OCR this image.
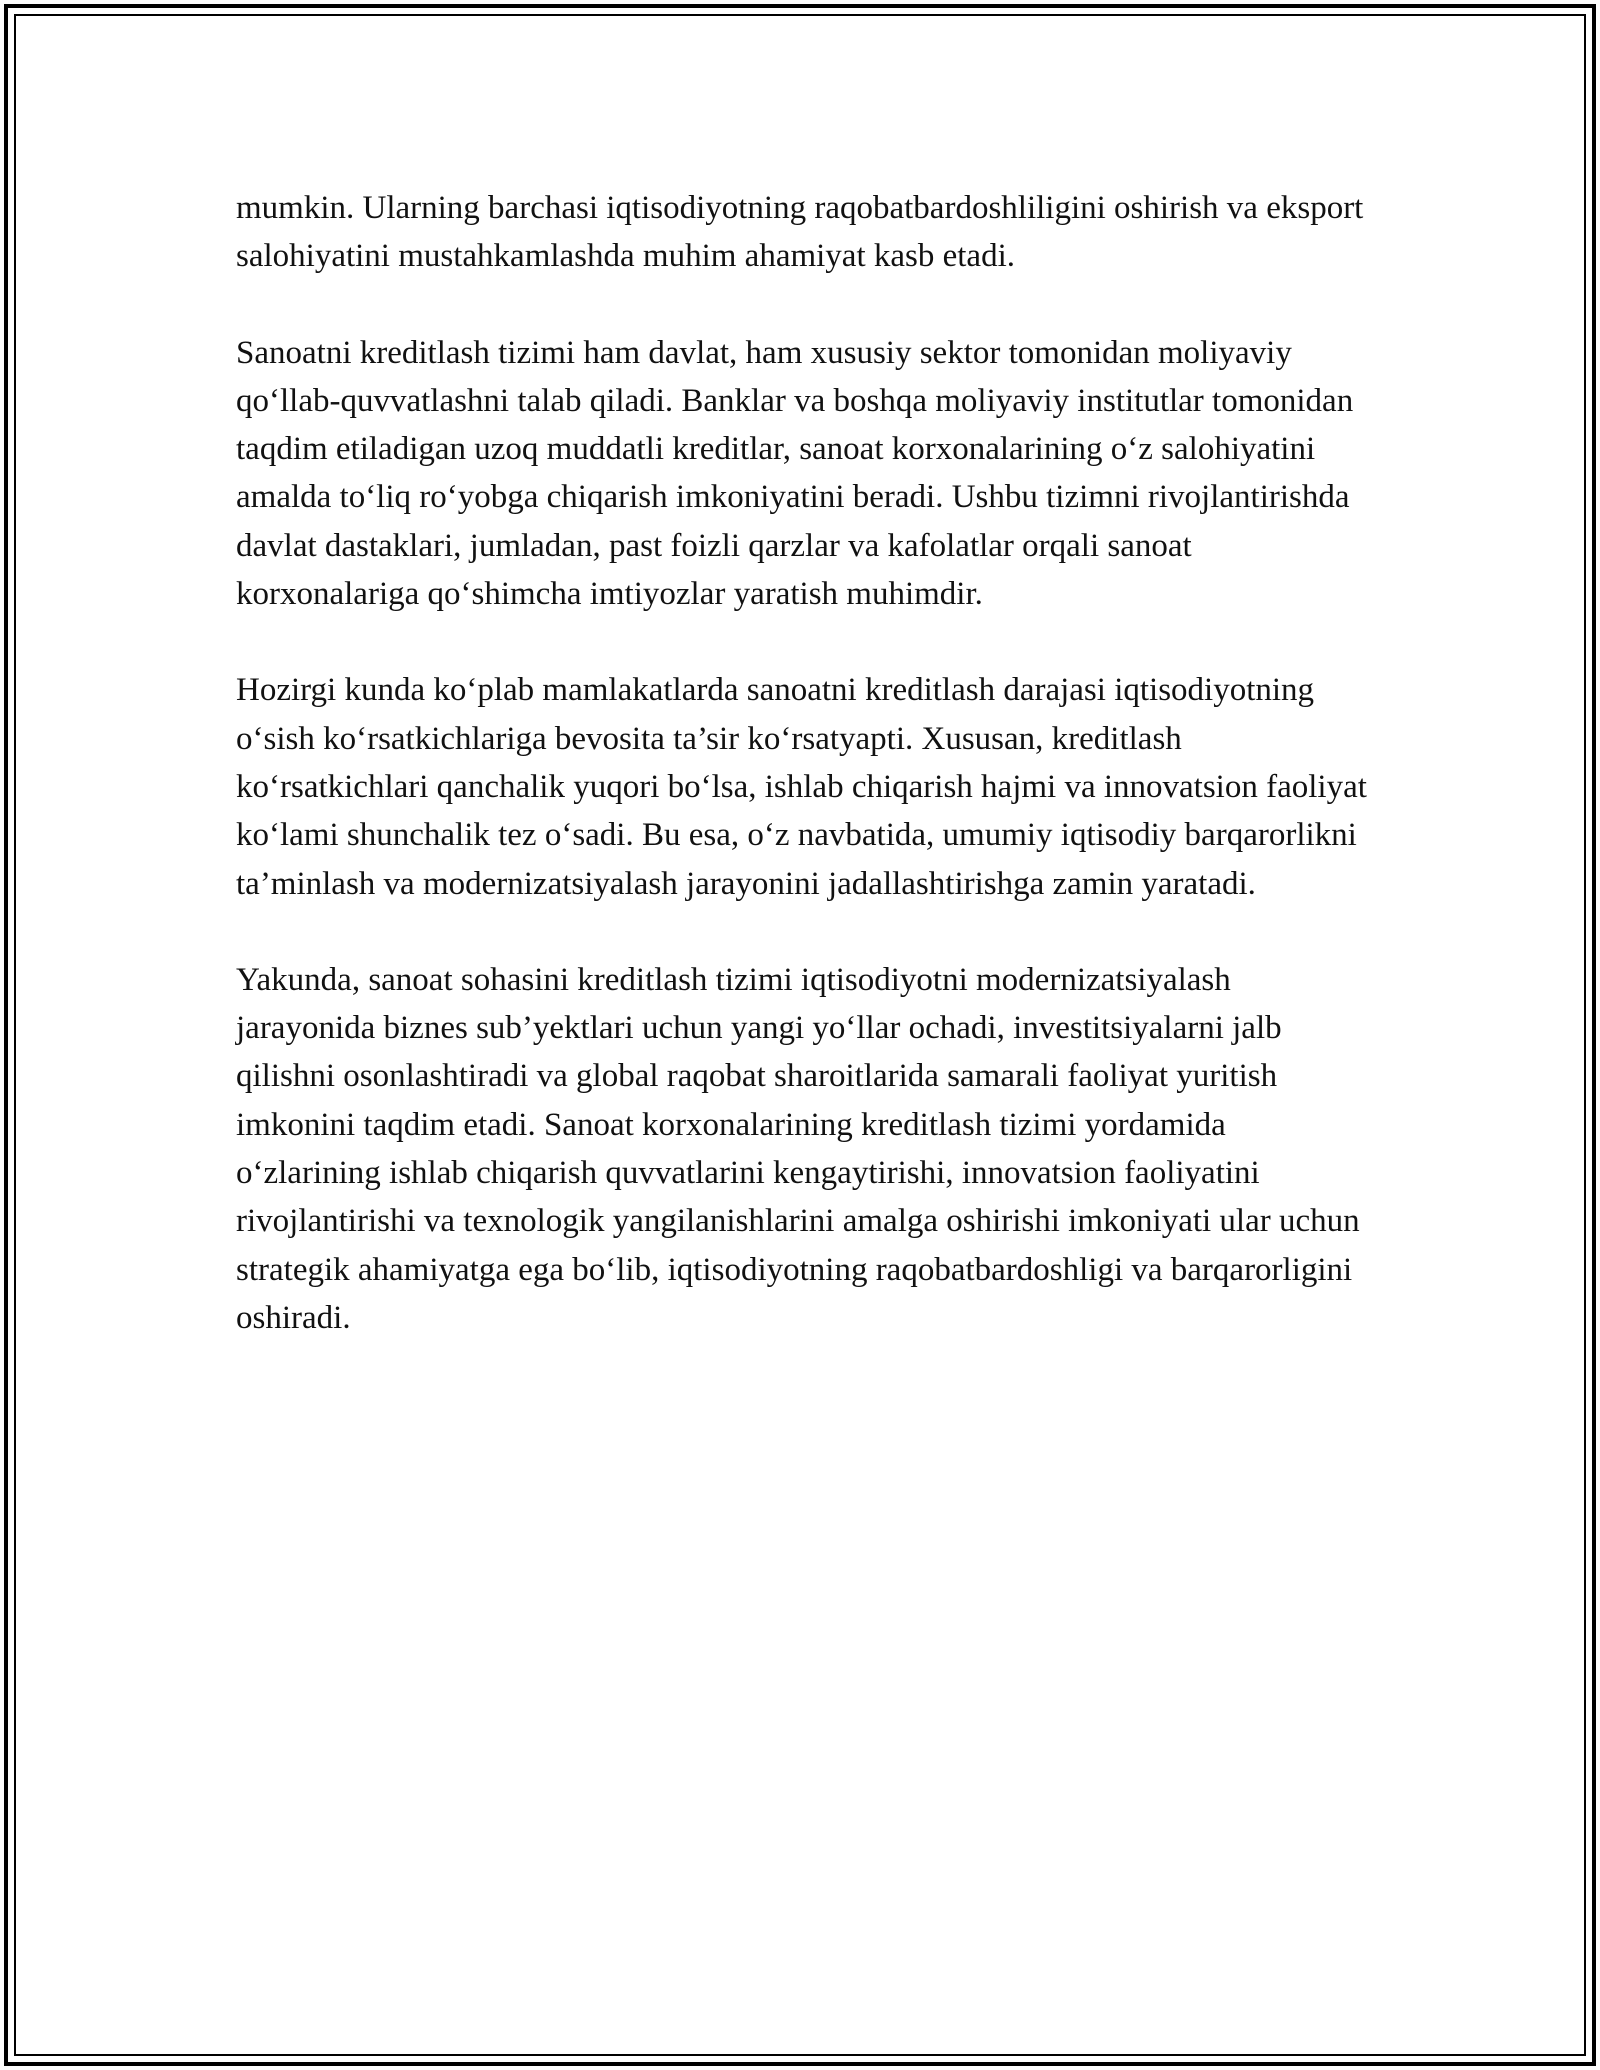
mumkin. Ularning barchasi iqtisodiyotning raqobatbardoshliligini oshirish va eksport salohiyatini mustahkamlashda muhim ahamiyat kasb etadi.

Sanoatni kreditlash tizimi ham davlat, ham xususiy sektor tomonidan moliyaviy qoʻllab-quvvatlashni talab qiladi. Banklar va boshqa moliyaviy institutlar tomonidan taqdim etiladigan uzoq muddatli kreditlar, sanoat korxonalarining oʻz salohiyatini amalda toʻliq roʻyobga chiqarish imkoniyatini beradi. Ushbu tizimni rivojlantirishda davlat dastaklari, jumladan, past foizli qarzlar va kafolatlar orqali sanoat korxonalariga qoʻshimcha imtiyozlar yaratish muhimdir.

Hozirgi kunda koʻplab mamlakatlarda sanoatni kreditlash darajasi iqtisodiyotning oʻsish koʻrsatkichlariga bevosita ta’sir koʻrsatyapti. Xususan, kreditlash koʻrsatkichlari qanchalik yuqori boʻlsa, ishlab chiqarish hajmi va innovatsion faoliyat koʻlami shunchalik tez oʻsadi. Bu esa, oʻz navbatida, umumiy iqtisodiy barqarorlikni ta’minlash va modernizatsiyalash jarayonini jadallashtirishga zamin yaratadi.

Yakunda, sanoat sohasini kreditlash tizimi iqtisodiyotni modernizatsiyalash jarayonida biznes sub’yektlari uchun yangi yoʻllar ochadi, investitsiyalarni jalb qilishni osonlashtiradi va global raqobat sharoitlarida samarali faoliyat yuritish imkonini taqdim etadi. Sanoat korxonalarining kreditlash tizimi yordamida oʻzlarining ishlab chiqarish quvvatlarini kengaytirishi, innovatsion faoliyatini rivojlantirishi va texnologik yangilanishlarini amalga oshirishi imkoniyati ular uchun strategik ahamiyatga ega boʻlib, iqtisodiyotning raqobatbardoshligi va barqarorligini oshiradi.
